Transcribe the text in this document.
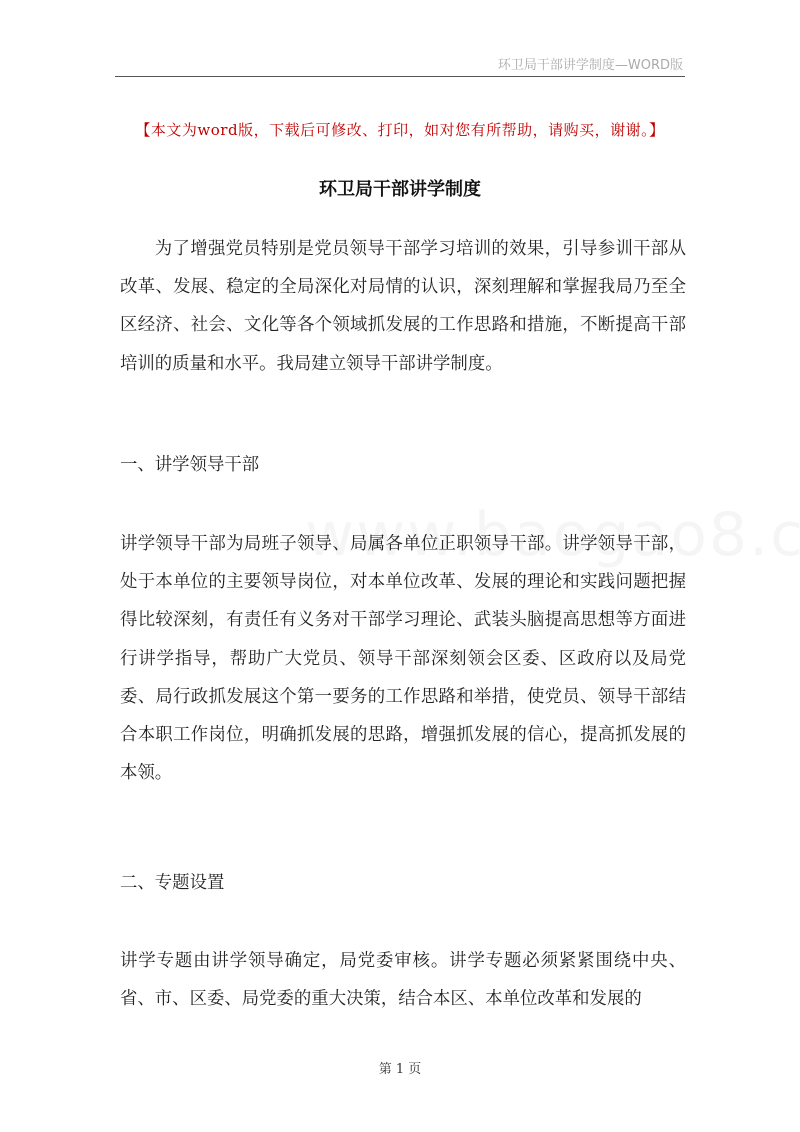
环卫局干部讲学制度—WORD版
【本文为word版，下载后可修改、打印，如对您有所帮助，请购买，谢谢。】
环卫局干部讲学制度

为了增强党员特别是党员领导干部学习培训的效果，引导参训干部从改革、发展、稳定的全局深化对局情的认识，深刻理解和掌握我局乃至全区经济、社会、文化等各个领域抓发展的工作思路和措施，不断提高干部培训的质量和水平。我局建立领导干部讲学制度。

一、讲学领导干部

讲学领导干部为局班子领导、局属各单位正职领导干部。讲学领导干部，处于本单位的主要领导岗位，对本单位改革、发展的理论和实践问题把握得比较深刻，有责任有义务对干部学习理论、武装头脑提高思想等方面进行讲学指导，帮助广大党员、领导干部深刻领会区委、区政府以及局党委、局行政抓发展这个第一要务的工作思路和举措，使党员、领导干部结合本职工作岗位，明确抓发展的思路，增强抓发展的信心，提高抓发展的本领。

二、专题设置

讲学专题由讲学领导确定，局党委审核。讲学专题必须紧紧围绕中央、省、市、区委、局党委的重大决策，结合本区、本单位改革和发展的

第 1 页
